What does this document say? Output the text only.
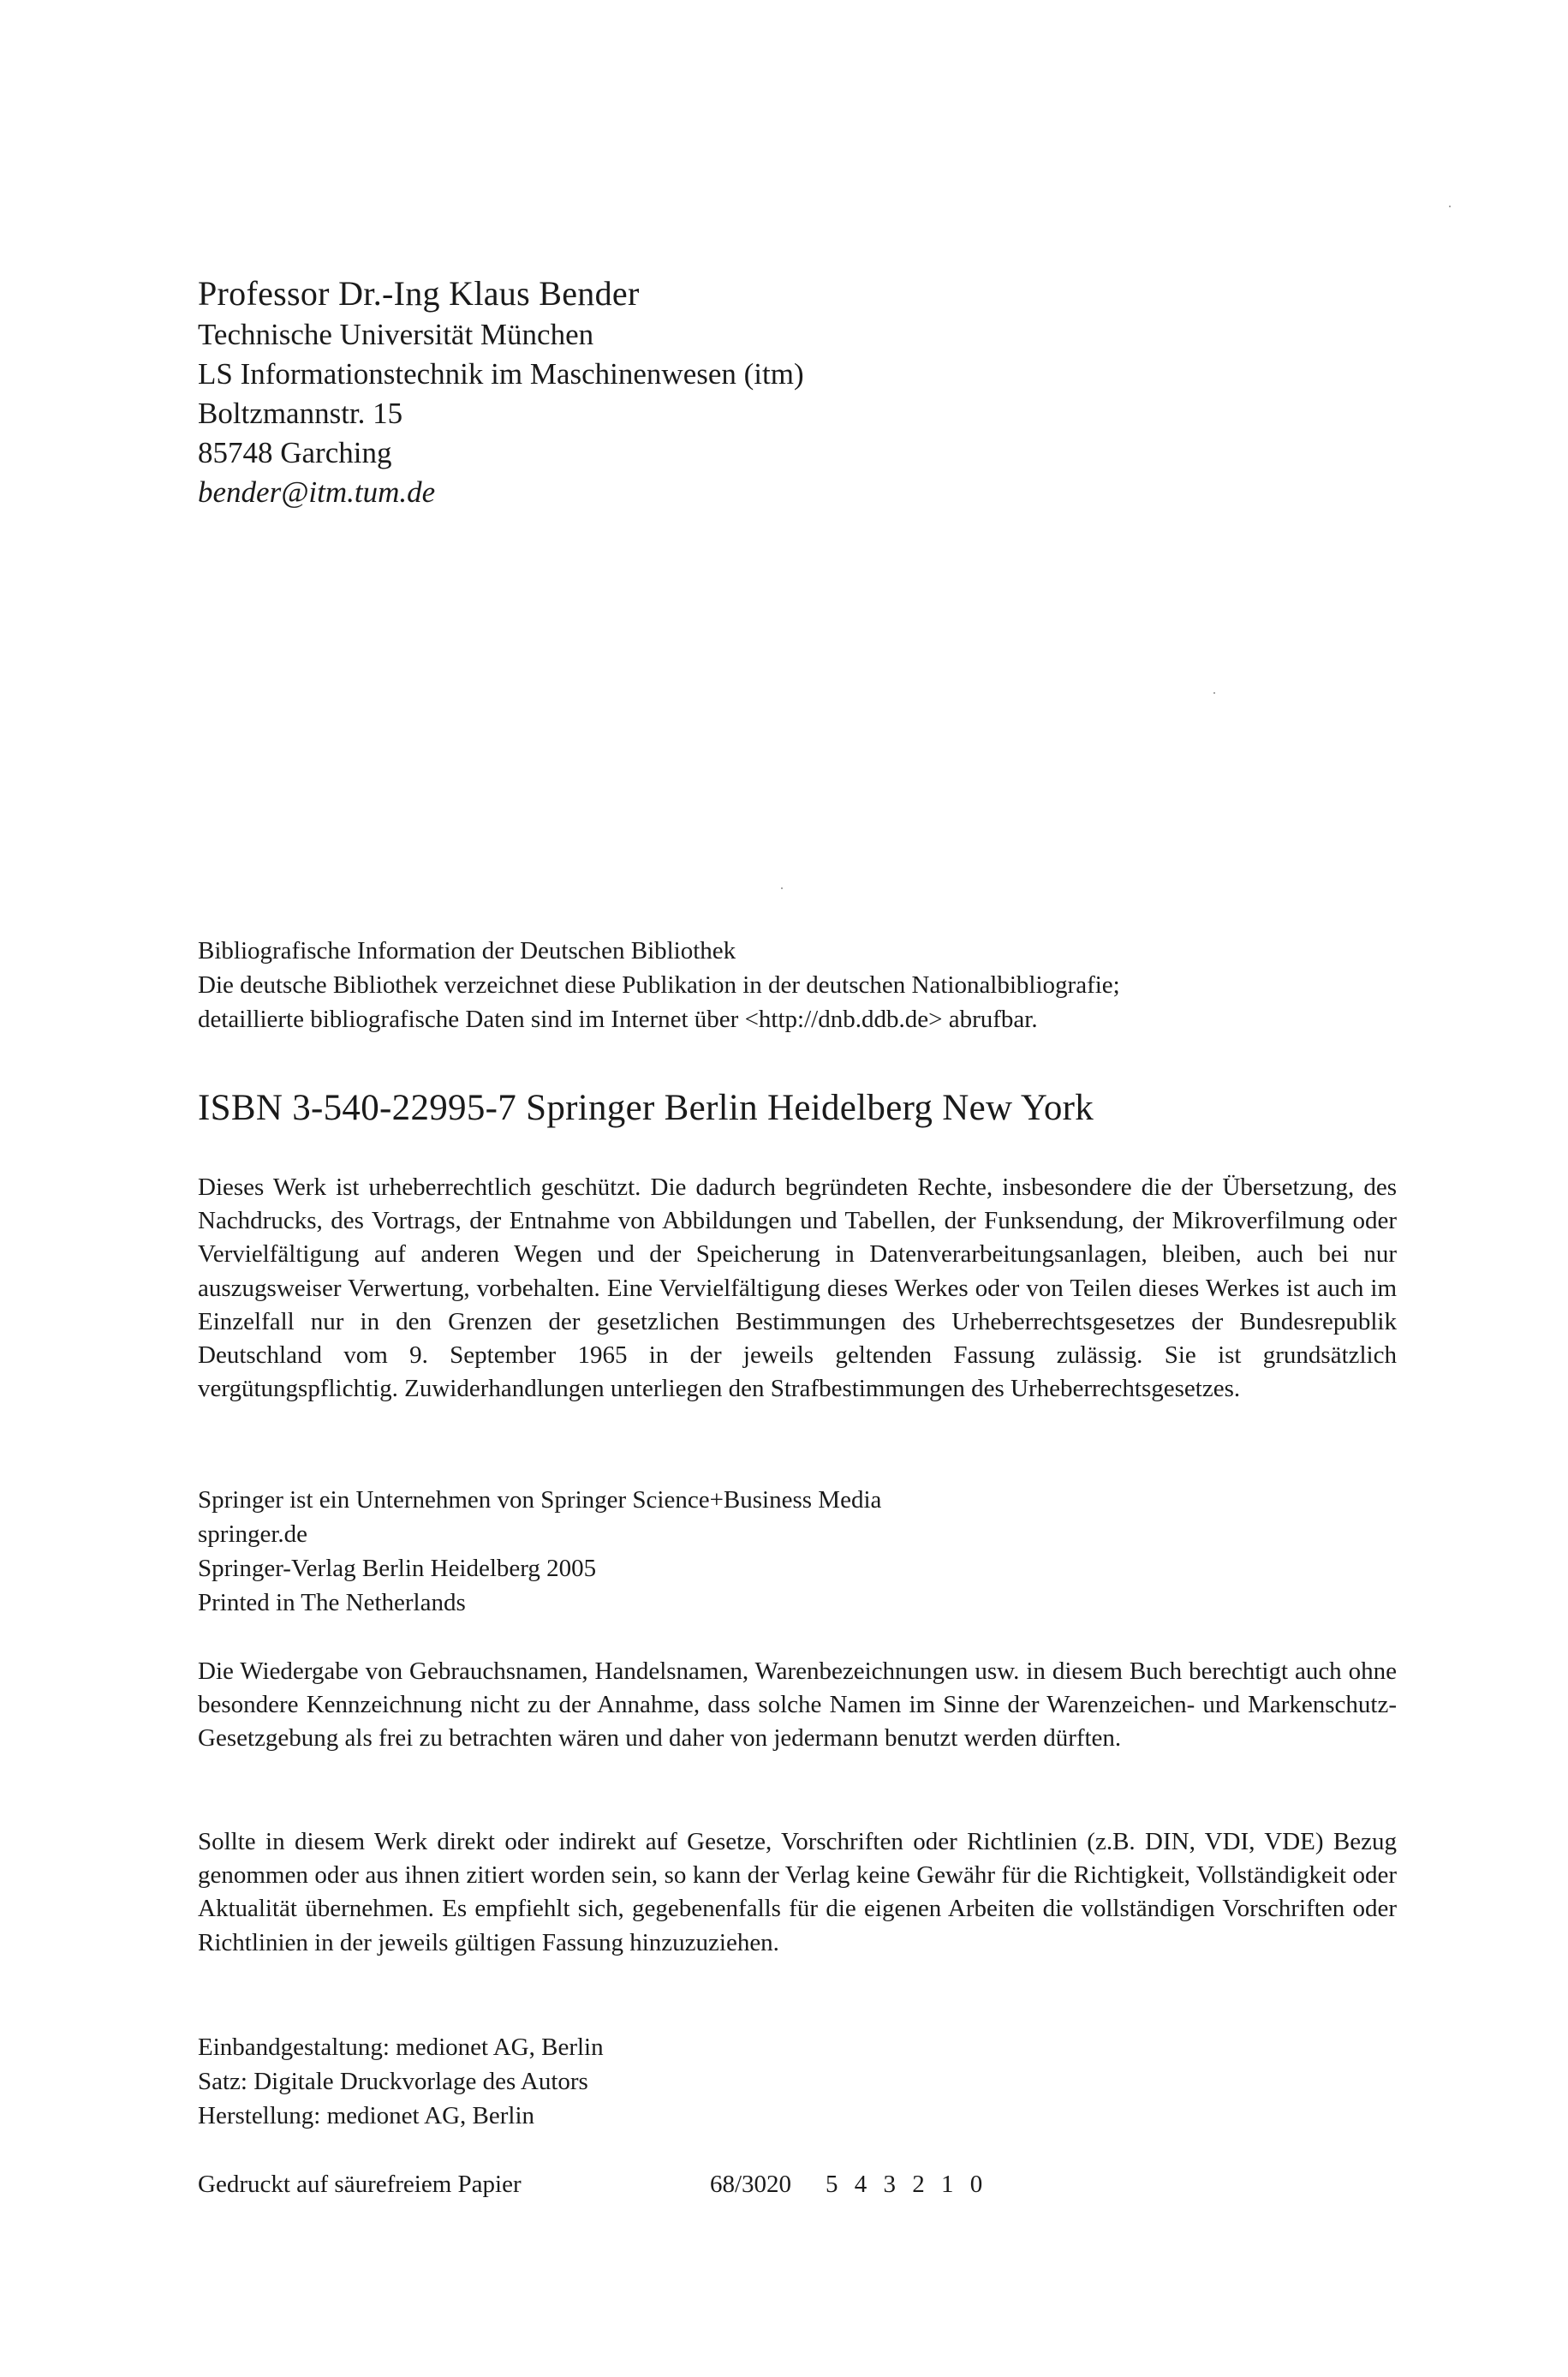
Professor Dr.-Ing Klaus Bender
Technische Universität München
LS Informationstechnik im Maschinenwesen (itm)
Boltzmannstr. 15
85748 Garching
bender@itm.tum.de
Bibliografische Information der Deutschen Bibliothek
Die deutsche Bibliothek verzeichnet diese Publikation in der deutschen Nationalbibliografie;
detaillierte bibliografische Daten sind im Internet über <http://dnb.ddb.de> abrufbar.
ISBN 3-540-22995-7 Springer Berlin Heidelberg New York
Dieses Werk ist urheberrechtlich geschützt. Die dadurch begründeten Rechte, insbesondere die der Übersetzung, des Nachdrucks, des Vortrags, der Entnahme von Abbildungen und Tabellen, der Funksendung, der Mikroverfilmung oder Vervielfältigung auf anderen Wegen und der Speicherung in Datenverarbeitungsanlagen, bleiben, auch bei nur auszugsweiser Verwertung, vorbehalten. Eine Vervielfältigung dieses Werkes oder von Teilen dieses Werkes ist auch im Einzelfall nur in den Grenzen der gesetzlichen Bestimmungen des Urheberrechtsgesetzes der Bundesrepublik Deutschland vom 9. September 1965 in der jeweils geltenden Fassung zulässig. Sie ist grundsätzlich vergütungspflichtig. Zuwiderhandlungen unterliegen den Strafbestimmungen des Urheberrechtsgesetzes.
Springer ist ein Unternehmen von Springer Science+Business Media
springer.de
Springer-Verlag Berlin Heidelberg 2005
Printed in The Netherlands
Die Wiedergabe von Gebrauchsnamen, Handelsnamen, Warenbezeichnungen usw. in diesem Buch berechtigt auch ohne besondere Kennzeichnung nicht zu der Annahme, dass solche Namen im Sinne der Warenzeichen- und Markenschutz-Gesetzgebung als frei zu betrachten wären und daher von jedermann benutzt werden dürften.
Sollte in diesem Werk direkt oder indirekt auf Gesetze, Vorschriften oder Richtlinien (z.B. DIN, VDI, VDE) Bezug genommen oder aus ihnen zitiert worden sein, so kann der Verlag keine Gewähr für die Richtigkeit, Vollständigkeit oder Aktualität übernehmen. Es empfiehlt sich, gegebenenfalls für die eigenen Arbeiten die vollständigen Vorschriften oder Richtlinien in der jeweils gültigen Fassung hinzuzuziehen.
Einbandgestaltung: medionet AG, Berlin
Satz: Digitale Druckvorlage des Autors
Herstellung: medionet AG, Berlin
Gedruckt auf säurefreiem Papier	68/3020 5 4 3 2 1 0
